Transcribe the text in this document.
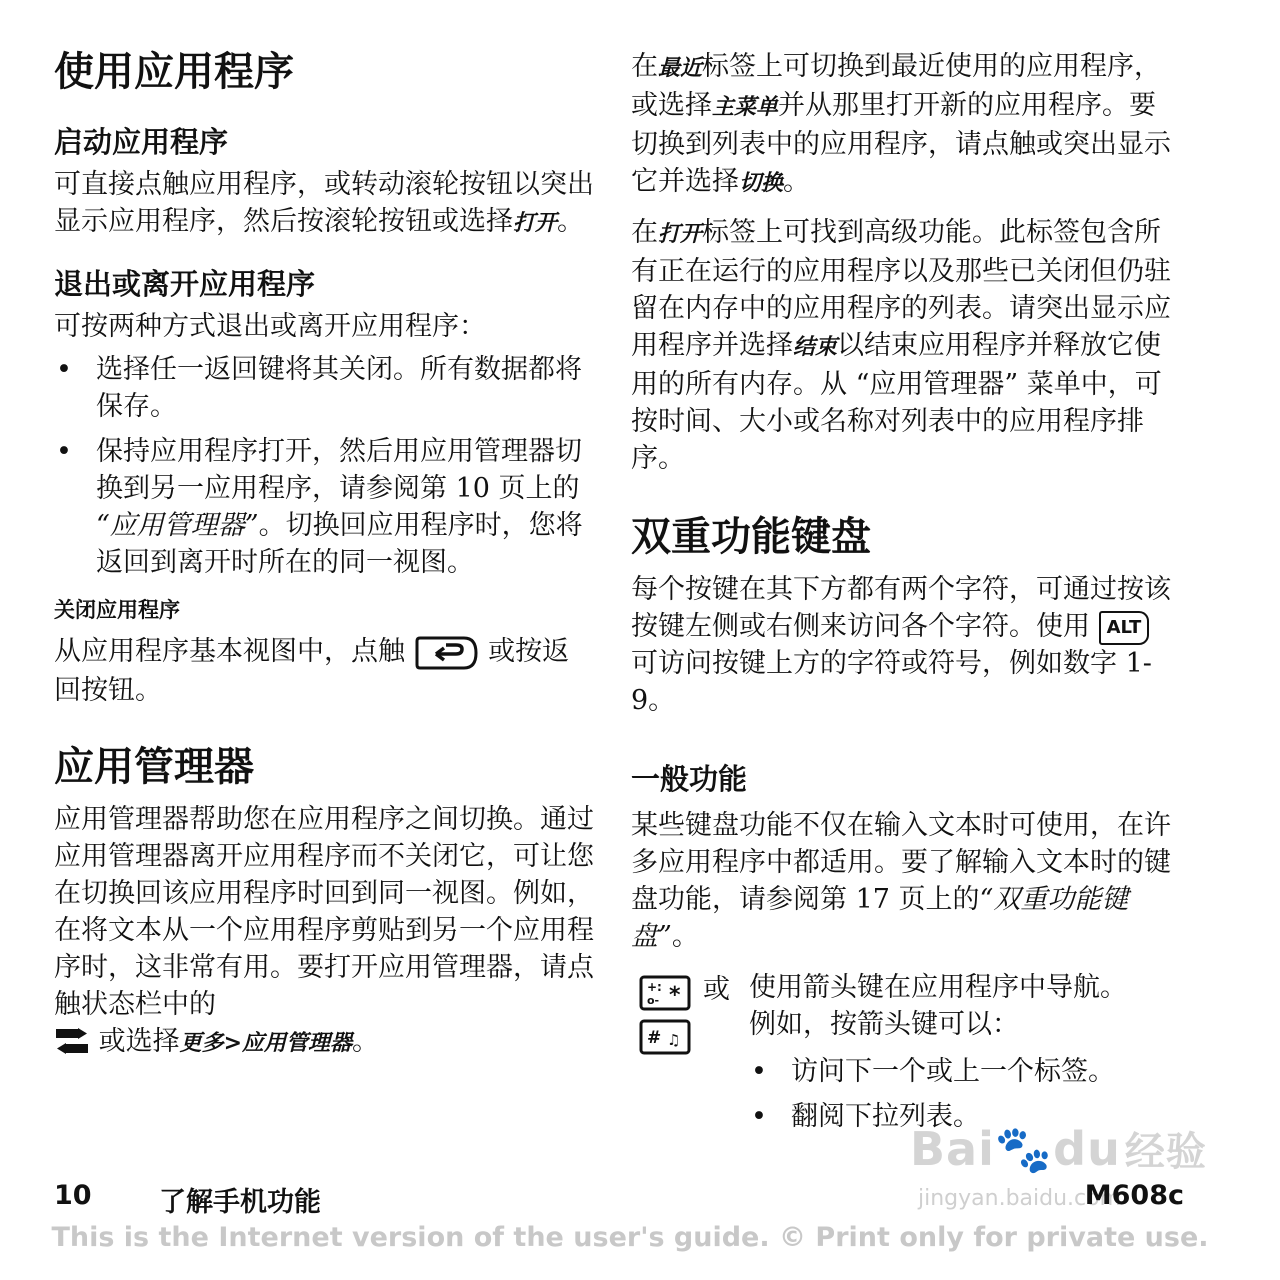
使用应用程序
启动应用程序

可直接点触应用程序，或转动滚轮按钮以突出显示应用程序，然后按滚轮按钮或选择打开。

退出或离开应用程序

可按两种方式退出或离开应用程序：

• 选择任一返回键将其关闭。所有数据都将保存。
• 保持应用程序打开，然后用应用管理器切换到另一应用程序，请参阅第 10 页上的 “应用管理器”。切换回应用程序时，您将返回到离开时所在的同一视图。
关闭应用程序

从应用程序基本视图中，点触  或按返回按钮。

应用管理器

应用管理器帮助您在应用程序之间切换。通过应用管理器离开应用程序而不关闭它，可让您在切换回该应用程序时回到同一视图。例如，在将文本从一个应用程序剪贴到另一个应用程序时，这非常有用。要打开应用管理器，请点触状态栏中的
或选择更多>应用管理器。

在最近标签上可切换到最近使用的应用程序，或选择主菜单并从那里打开新的应用程序。要切换到列表中的应用程序，请点触或突出显示它并选择切换。

在打开标签上可找到高级功能。此标签包含所有正在运行的应用程序以及那些已关闭但仍驻留在内存中的应用程序的列表。请突出显示应用程序并选择结束以结束应用程序并释放它使用的所有内存。从 “应用管理器” 菜单中，可按时间、大小或名称对列表中的应用程序排序。

双重功能键盘

每个按键在其下方都有两个字符，可通过按该按键左侧或右侧来访问各个字符。使用 ALT 可访问按键上方的字符或符号，例如数字 1-9。

一般功能

某些键盘功能不仅在输入文本时可使用，在许多应用程序中都适用。要了解输入文本时的键盘功能，请参阅第 17 页上的“双重功能键盘”。

+:
o- *
# ♫
或 使用箭头键在应用程序中导航。例如，按箭头键可以：

• 访问下一个或上一个标签。
• 翻阅下拉列表。
Bai🐾du 经验
jingyan.baidu.com
10 了解手机功能	M608c
This is the Internet version of the user's guide. © Print only for private use.
